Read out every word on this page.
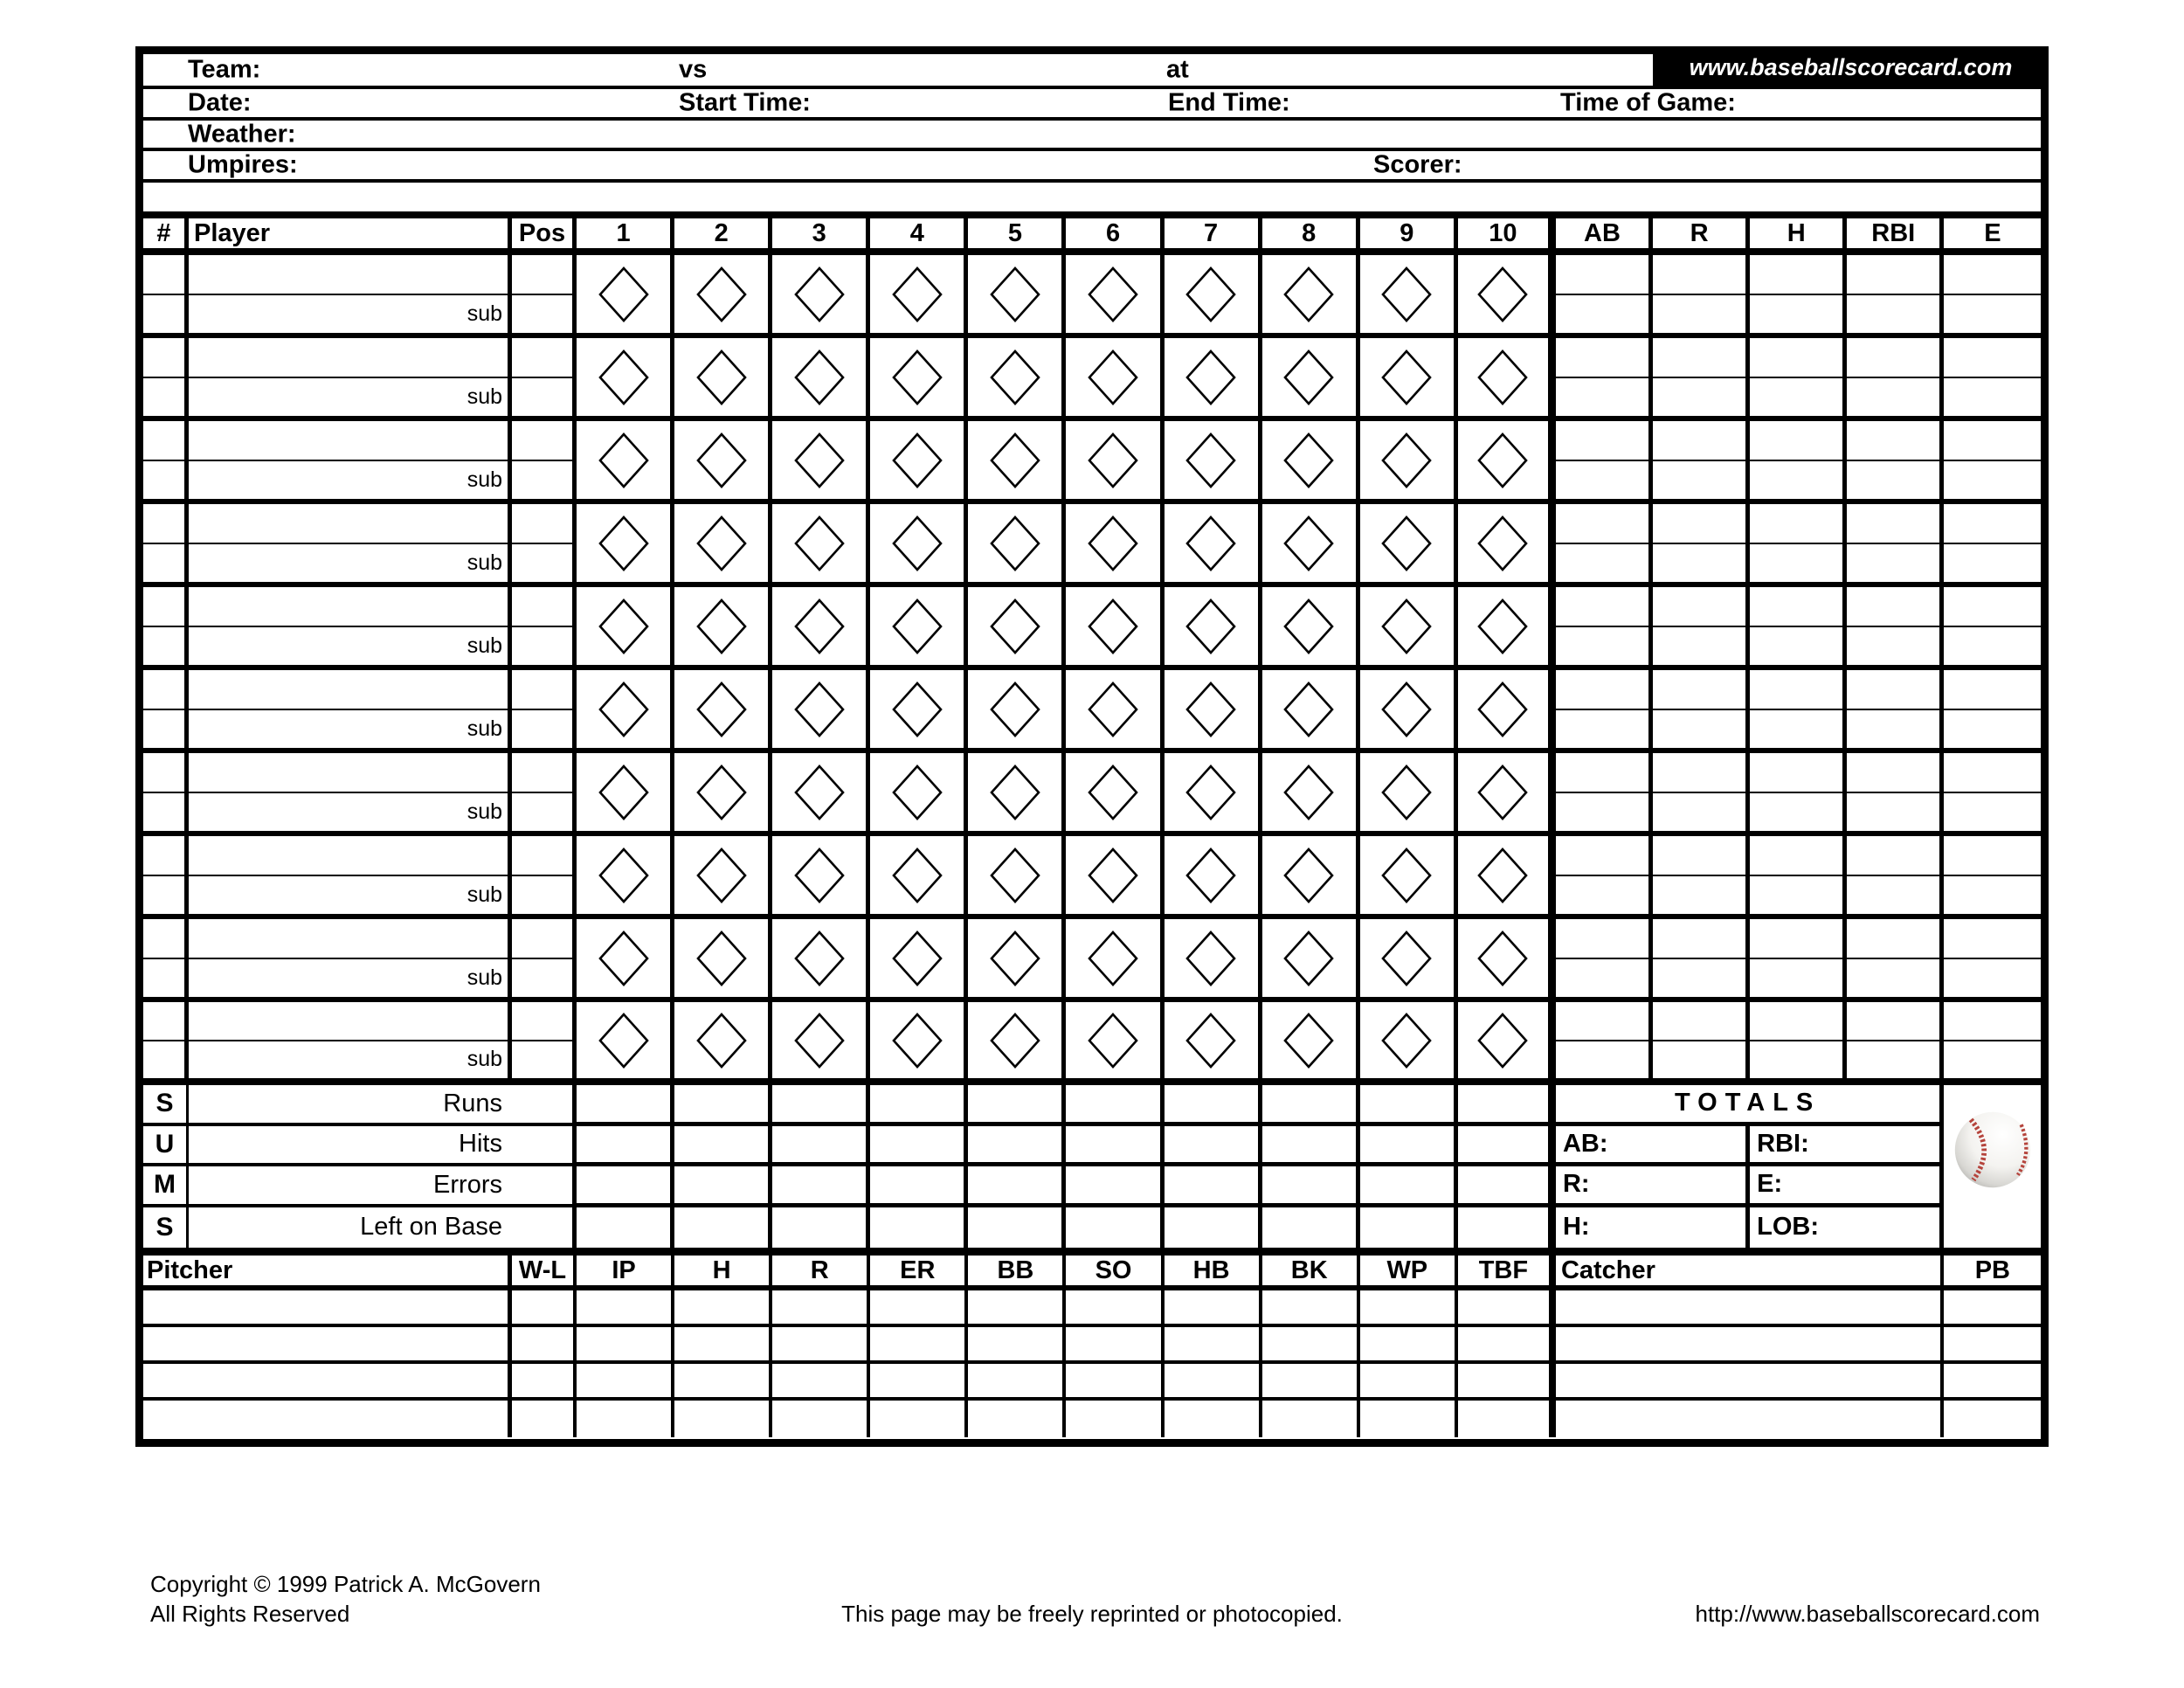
Team:	vs	at	www.baseballscorecard.com
Date:	Start Time:	End Time:	Time of Game:
Weather:
Umpires:	Scorer:
# Player	Pos	1	2	3	4	5	6	7	8	9	10	AB	R	H	RBI	E
sub
sub
sub
sub
sub
sub
sub
sub
sub
sub
S	Runs
U	Hits
M	Errors
S	Left on Base
TOTALS
AB:	RBI:
R:	E:
H:	LOB:
Pitcher	W-L	IP	H	R	ER	BB	SO	HB	BK	WP	TBF	Catcher	PB
Copyright © 1999 Patrick A. McGovern
All Rights Reserved	This page may be freely reprinted or photocopied.	http://www.baseballscorecard.com
